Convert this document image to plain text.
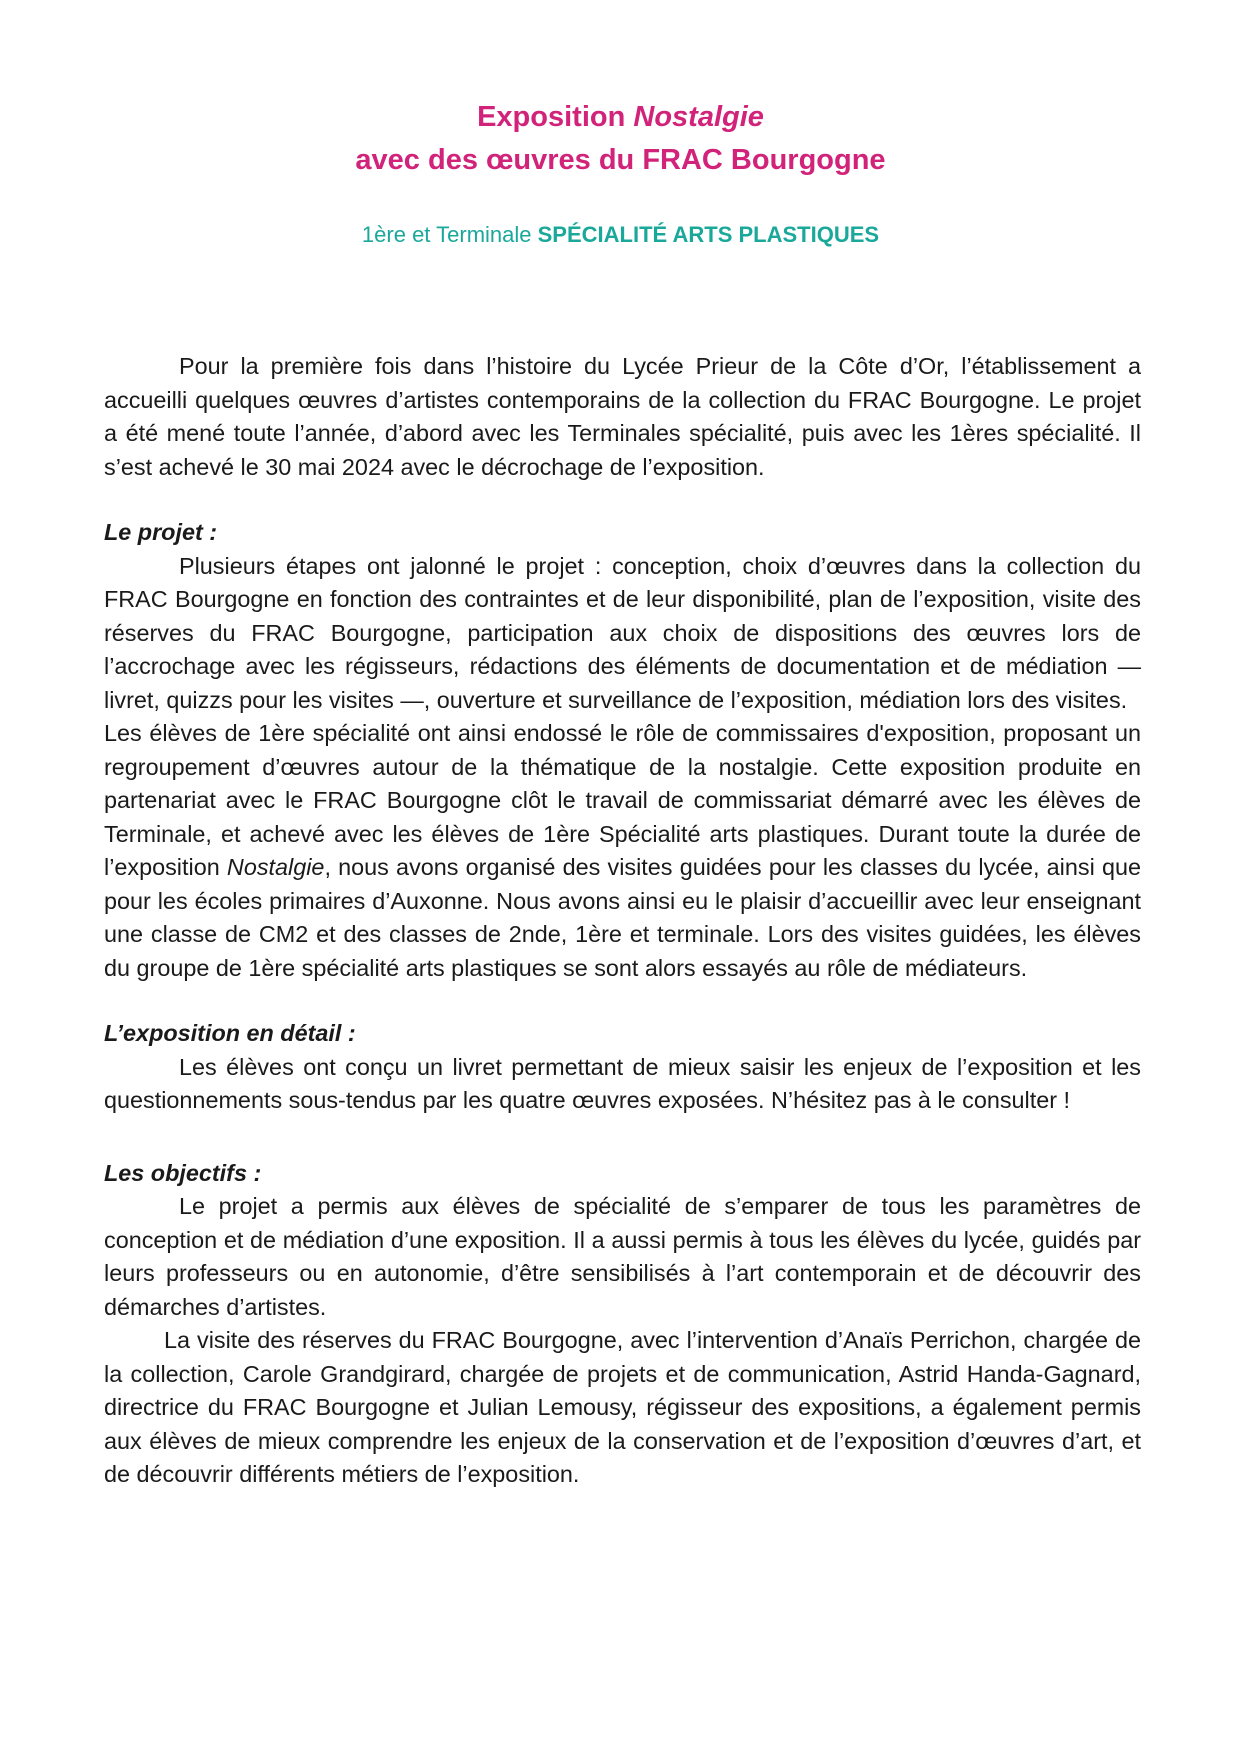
Exposition Nostalgie
avec des œuvres du FRAC Bourgogne
1ère et Terminale SPÉCIALITÉ ARTS PLASTIQUES

Pour la première fois dans l’histoire du Lycée Prieur de la Côte d’Or, l’établissement a accueilli quelques œuvres d’artistes contemporains de la collection du FRAC Bourgogne. Le projet a été mené toute l’année, d’abord avec les Terminales spécialité, puis avec les 1ères spécialité. Il s’est achevé le 30 mai 2024 avec le décrochage de l’exposition.

Le projet :

Plusieurs étapes ont jalonné le projet : conception, choix d’œuvres dans la collection du FRAC Bourgogne en fonction des contraintes et de leur disponibilité, plan de l’exposition, visite des réserves du FRAC Bourgogne, participation aux choix de dispositions des œuvres lors de l’accrochage avec les régisseurs, rédactions des éléments de documentation et de médiation — livret, quizzs pour les visites —, ouverture et surveillance de l’exposition, médiation lors des visites.

Les élèves de 1ère spécialité ont ainsi endossé le rôle de commissaires d'exposition, proposant un regroupement d’œuvres autour de la thématique de la nostalgie. Cette exposition produite en partenariat avec le FRAC Bourgogne clôt le travail de commissariat démarré avec les élèves de Terminale, et achevé avec les élèves de 1ère Spécialité arts plastiques. Durant toute la durée de l’exposition Nostalgie, nous avons organisé des visites guidées pour les classes du lycée, ainsi que pour les écoles primaires d’Auxonne. Nous avons ainsi eu le plaisir d’accueillir avec leur enseignant une classe de CM2 et des classes de 2nde, 1ère et terminale. Lors des visites guidées, les élèves du groupe de 1ère spécialité arts plastiques se sont alors essayés au rôle de médiateurs.

L’exposition en détail :

Les élèves ont conçu un livret permettant de mieux saisir les enjeux de l’exposition et les questionnements sous-tendus par les quatre œuvres exposées. N’hésitez pas à le consulter !

Les objectifs :

Le projet a permis aux élèves de spécialité de s’emparer de tous les paramètres de conception et de médiation d’une exposition. Il a aussi permis à tous les élèves du lycée, guidés par leurs professeurs ou en autonomie, d’être sensibilisés à l’art contemporain et de découvrir des démarches d’artistes.

La visite des réserves du FRAC Bourgogne, avec l’intervention d’Anaïs Perrichon, chargée de la collection, Carole Grandgirard, chargée de projets et de communication, Astrid Handa-Gagnard, directrice du FRAC Bourgogne et Julian Lemousy, régisseur des expositions, a également permis aux élèves de mieux comprendre les enjeux de la conservation et de l’exposition d’œuvres d’art, et de découvrir différents métiers de l’exposition.
